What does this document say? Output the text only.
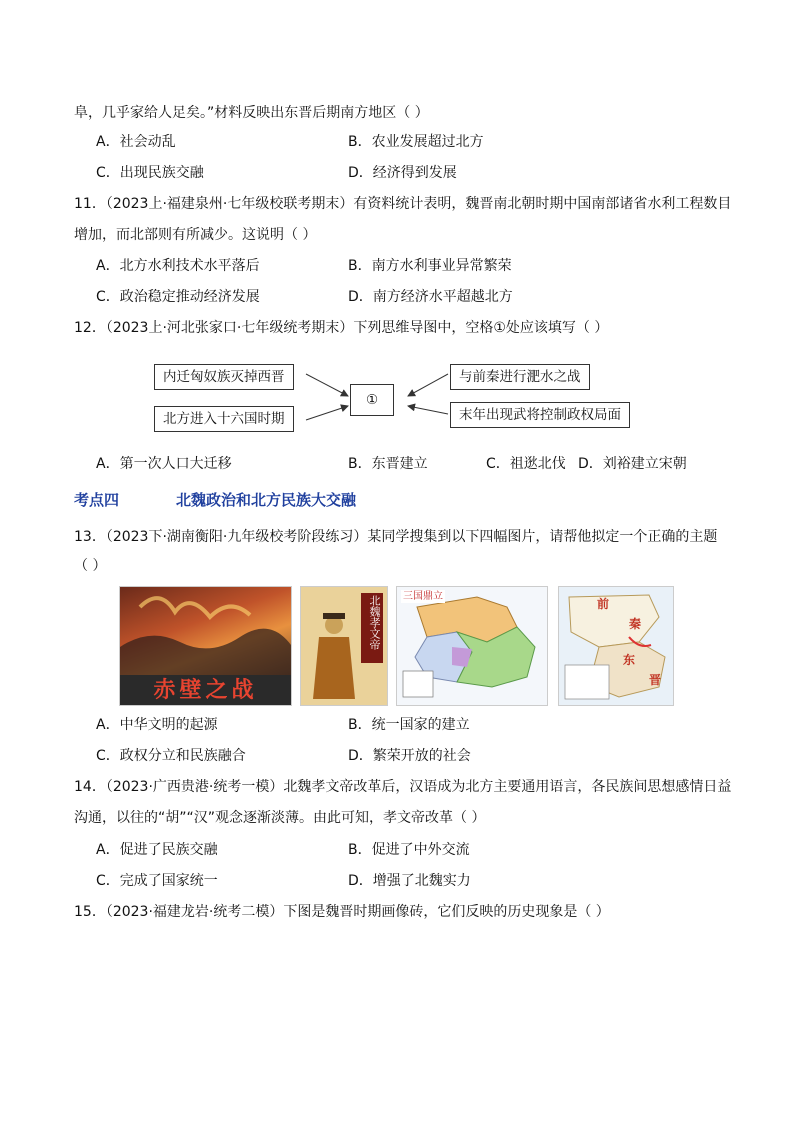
阜，几乎家给人足矣。”材料反映出东晋后期南方地区（ ）
A．社会动乱	B．农业发展超过北方
C．出现民族交融	D．经济得到发展
11．（2023上·福建泉州·七年级校联考期末）有资料统计表明，魏晋南北朝时期中国南部诸省水利工程数目
增加，而北部则有所减少。这说明（ ）
A．北方水利技术水平落后	B．南方水利事业异常繁荣
C．政治稳定推动经济发展	D．南方经济水平超越北方
12．（2023上·河北张家口·七年级统考期末）下列思维导图中，空格①处应该填写（ ）
内迁匈奴族灭掉西晋
北方进入十六国时期
①
与前秦进行淝水之战
末年出现武将控制政权局面
A．第一次人口大迁移	B．东晋建立	C．祖逖北伐 D．刘裕建立宋朝
考点四	北魏政治和北方民族大交融
13．（2023下·湖南衡阳·九年级校考阶段练习）某同学搜集到以下四幅图片，请帮他拟定一个正确的主题
（ ）
赤壁之战
北魏孝文帝 三国鼎立
前
秦
东
晋
A．中华文明的起源	B．统一国家的建立
C．政权分立和民族融合	D．繁荣开放的社会
14．（2023·广西贵港·统考一模）北魏孝文帝改革后，汉语成为北方主要通用语言，各民族间思想感情日益
沟通，以往的“胡”“汉”观念逐渐淡薄。由此可知，孝文帝改革（ ）
A．促进了民族交融	B．促进了中外交流
C．完成了国家统一	D．增强了北魏实力
15．（2023·福建龙岩·统考二模）下图是魏晋时期画像砖，它们反映的历史现象是（ ）
